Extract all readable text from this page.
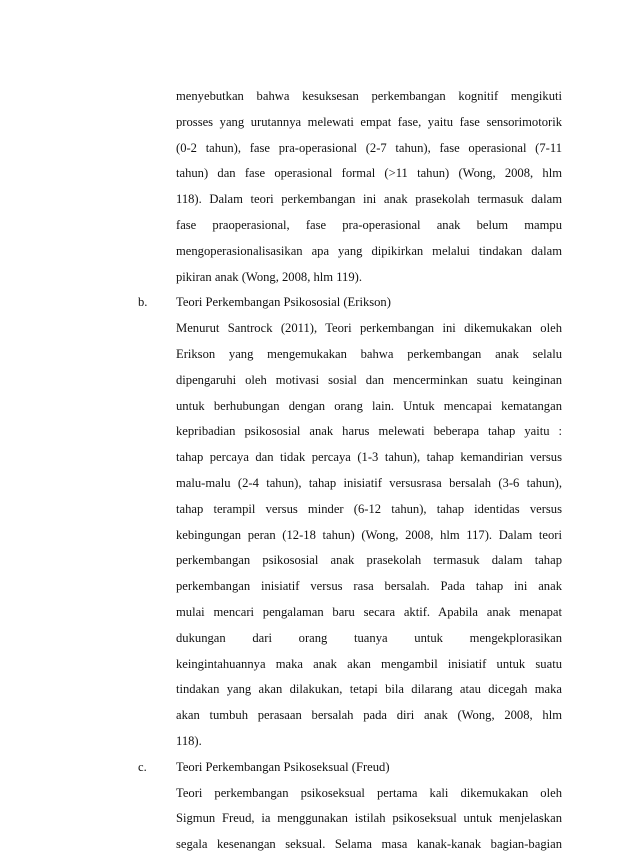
menyebutkan bahwa kesuksesan perkembangan kognitif mengikuti
prosses yang urutannya melewati empat fase, yaitu fase sensorimotorik
(0-2 tahun), fase pra-operasional (2-7 tahun), fase operasional (7-11
tahun) dan fase operasional formal (>11 tahun) (Wong, 2008, hlm
118). Dalam teori perkembangan ini anak prasekolah termasuk dalam
fase praoperasional, fase pra-operasional anak belum mampu
mengoperasionalisasikan apa yang dipikirkan melalui tindakan dalam
pikiran anak (Wong, 2008, hlm 119).
b.	Teori Perkembangan Psikososial (Erikson)
Menurut Santrock (2011), Teori perkembangan ini dikemukakan oleh
Erikson yang mengemukakan bahwa perkembangan anak selalu
dipengaruhi oleh motivasi sosial dan mencerminkan suatu keinginan
untuk berhubungan dengan orang lain. Untuk mencapai kematangan
kepribadian psikososial anak harus melewati beberapa tahap yaitu :
tahap percaya dan tidak percaya (1-3 tahun), tahap kemandirian versus
malu-malu (2-4 tahun), tahap inisiatif versusrasa bersalah (3-6 tahun),
tahap terampil versus minder (6-12 tahun), tahap identidas versus
kebingungan peran (12-18 tahun) (Wong, 2008, hlm 117). Dalam teori
perkembangan psikososial anak prasekolah termasuk dalam tahap
perkembangan inisiatif versus rasa bersalah. Pada tahap ini anak
mulai mencari pengalaman baru secara aktif. Apabila anak menapat
dukungan dari orang tuanya untuk mengekplorasikan
keingintahuannya maka anak akan mengambil inisiatif untuk suatu
tindakan yang akan dilakukan, tetapi bila dilarang atau dicegah maka
akan tumbuh perasaan bersalah pada diri anak (Wong, 2008, hlm
118).
c.	Teori Perkembangan Psikoseksual (Freud)
Teori perkembangan psikoseksual pertama kali dikemukakan oleh
Sigmun Freud, ia menggunakan istilah psikoseksual untuk menjelaskan
segala kesenangan seksual. Selama masa kanak-kanak bagian-bagian
